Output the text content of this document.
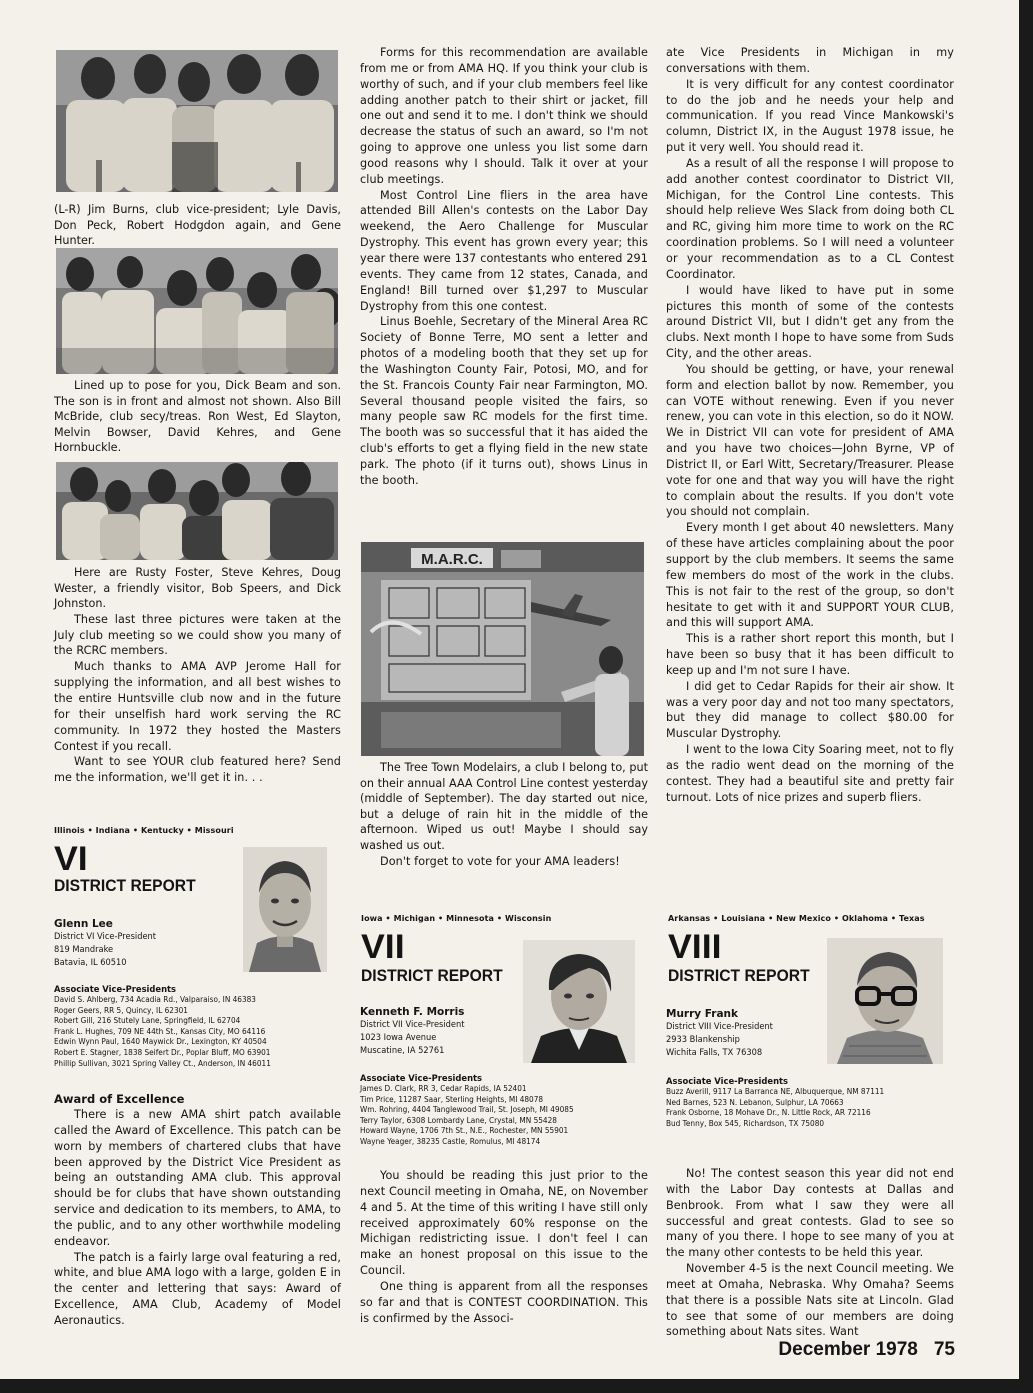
(L-R) Jim Burns, club vice-president; Lyle Davis, Don Peck, Robert Hodgdon again, and Gene Hunter.

Lined up to pose for you, Dick Beam and son. The son is in front and almost not shown. Also Bill McBride, club secy/treas. Ron West, Ed Slayton, Melvin Bowser, David Kehres, and Gene Hornbuckle.

Here are Rusty Foster, Steve Kehres, Doug Wester, a friendly visitor, Bob Speers, and Dick Johnston.

These last three pictures were taken at the July club meeting so we could show you many of the RCRC members.

Much thanks to AMA AVP Jerome Hall for supplying the information, and all best wishes to the entire Huntsville club now and in the future for their unselfish hard work serving the RC community. In 1972 they hosted the Masters Contest if you recall.

Want to see YOUR club featured here? Send me the information, we'll get it in. . .

Illinois • Indiana • Kentucky • Missouri
VI
DISTRICT REPORT
Glenn Lee
District VI Vice-President
819 Mandrake
Batavia, IL 60510
Associate Vice-Presidents
David S. Ahlberg, 734 Acadia Rd., Valparaiso, IN 46383
Roger Geers, RR 5, Quincy, IL 62301
Robert Gill, 216 Stutely Lane, Springfield, IL 62704
Frank L. Hughes, 709 NE 44th St., Kansas City, MO 64116
Edwin Wynn Paul, 1640 Maywick Dr., Lexington, KY 40504
Robert E. Stagner, 1838 Seifert Dr., Poplar Bluff, MO 63901
Phillip Sullivan, 3021 Spring Valley Ct., Anderson, IN 46011

Award of Excellence

There is a new AMA shirt patch available called the Award of Excellence. This patch can be worn by members of chartered clubs that have been approved by the District Vice President as being an outstanding AMA club. This approval should be for clubs that have shown outstanding service and dedication to its members, to AMA, to the public, and to any other worthwhile modeling endeavor.

The patch is a fairly large oval featuring a red, white, and blue AMA logo with a large, golden E in the center and lettering that says: Award of Excellence, AMA Club, Academy of Model Aeronautics.

Forms for this recommendation are available from me or from AMA HQ. If you think your club is worthy of such, and if your club members feel like adding another patch to their shirt or jacket, fill one out and send it to me. I don't think we should decrease the status of such an award, so I'm not going to approve one unless you list some darn good reasons why I should. Talk it over at your club meetings.

Most Control Line fliers in the area have attended Bill Allen's contests on the Labor Day weekend, the Aero Challenge for Muscular Dystrophy. This event has grown every year; this year there were 137 contestants who entered 291 events. They came from 12 states, Canada, and England! Bill turned over $1,297 to Muscular Dystrophy from this one contest.

Linus Boehle, Secretary of the Mineral Area RC Society of Bonne Terre, MO sent a letter and photos of a modeling booth that they set up for the Washington County Fair, Potosi, MO, and for the St. Francois County Fair near Farmington, MO. Several thousand people visited the fairs, so many people saw RC models for the first time. The booth was so successful that it has aided the club's efforts to get a flying field in the new state park. The photo (if it turns out), shows Linus in the booth.

M.A.R.C.

The Tree Town Modelairs, a club I belong to, put on their annual AAA Control Line contest yesterday (middle of September). The day started out nice, but a deluge of rain hit in the middle of the afternoon. Wiped us out! Maybe I should say washed us out.

Don't forget to vote for your AMA leaders!

Iowa • Michigan • Minnesota • Wisconsin
VII
DISTRICT REPORT
Kenneth F. Morris
District VII Vice-President
1023 Iowa Avenue
Muscatine, IA 52761
Associate Vice-Presidents
James D. Clark, RR 3, Cedar Rapids, IA 52401
Tim Price, 11287 Saar, Sterling Heights, MI 48078
Wm. Rohring, 4404 Tanglewood Trail, St. Joseph, MI 49085
Terry Taylor, 6308 Lombardy Lane, Crystal, MN 55428
Howard Wayne, 1706 7th St., N.E., Rochester, MN 55901
Wayne Yeager, 38235 Castle, Romulus, MI 48174

You should be reading this just prior to the next Council meeting in Omaha, NE, on November 4 and 5. At the time of this writing I have still only received approximately 60% response on the Michigan redistricting issue. I don't feel I can make an honest proposal on this issue to the Council.

One thing is apparent from all the responses so far and that is CONTEST COORDINATION. This is confirmed by the Associ-

ate Vice Presidents in Michigan in my conversations with them.

It is very difficult for any contest coordinator to do the job and he needs your help and communication. If you read Vince Mankowski's column, District IX, in the August 1978 issue, he put it very well. You should read it.

As a result of all the response I will propose to add another contest coordinator to District VII, Michigan, for the Control Line contests. This should help relieve Wes Slack from doing both CL and RC, giving him more time to work on the RC coordination problems. So I will need a volunteer or your recommendation as to a CL Contest Coordinator.

I would have liked to have put in some pictures this month of some of the contests around District VII, but I didn't get any from the clubs. Next month I hope to have some from Suds City, and the other areas.

You should be getting, or have, your renewal form and election ballot by now. Remember, you can VOTE without renewing. Even if you never renew, you can vote in this election, so do it NOW. We in District VII can vote for president of AMA and you have two choices—John Byrne, VP of District II, or Earl Witt, Secretary/Treasurer. Please vote for one and that way you will have the right to complain about the results. If you don't vote you should not complain.

Every month I get about 40 newsletters. Many of these have articles complaining about the poor support by the club members. It seems the same few members do most of the work in the clubs. This is not fair to the rest of the group, so don't hesitate to get with it and SUPPORT YOUR CLUB, and this will support AMA.

This is a rather short report this month, but I have been so busy that it has been difficult to keep up and I'm not sure I have.

I did get to Cedar Rapids for their air show. It was a very poor day and not too many spectators, but they did manage to collect $80.00 for Muscular Dystrophy.

I went to the Iowa City Soaring meet, not to fly as the radio went dead on the morning of the contest. They had a beautiful site and pretty fair turnout. Lots of nice prizes and superb fliers.

Arkansas • Louisiana • New Mexico • Oklahoma • Texas
VIII
DISTRICT REPORT
Murry Frank
District VIII Vice-President
2933 Blankenship
Wichita Falls, TX 76308
Associate Vice-Presidents
Buzz Averill, 9117 La Barranca NE, Albuquerque, NM 87111
Ned Barnes, 523 N. Lebanon, Sulphur, LA 70663
Frank Osborne, 18 Mohave Dr., N. Little Rock, AR 72116
Bud Tenny, Box 545, Richardson, TX 75080

No! The contest season this year did not end with the Labor Day contests at Dallas and Benbrook. From what I saw they were all successful and great contests. Glad to see so many of you there. I hope to see many of you at the many other contests to be held this year.

November 4-5 is the next Council meeting. We meet at Omaha, Nebraska. Why Omaha? Seems that there is a possible Nats site at Lincoln. Glad to see that some of our members are doing something about Nats sites. Want

December 1978 75
